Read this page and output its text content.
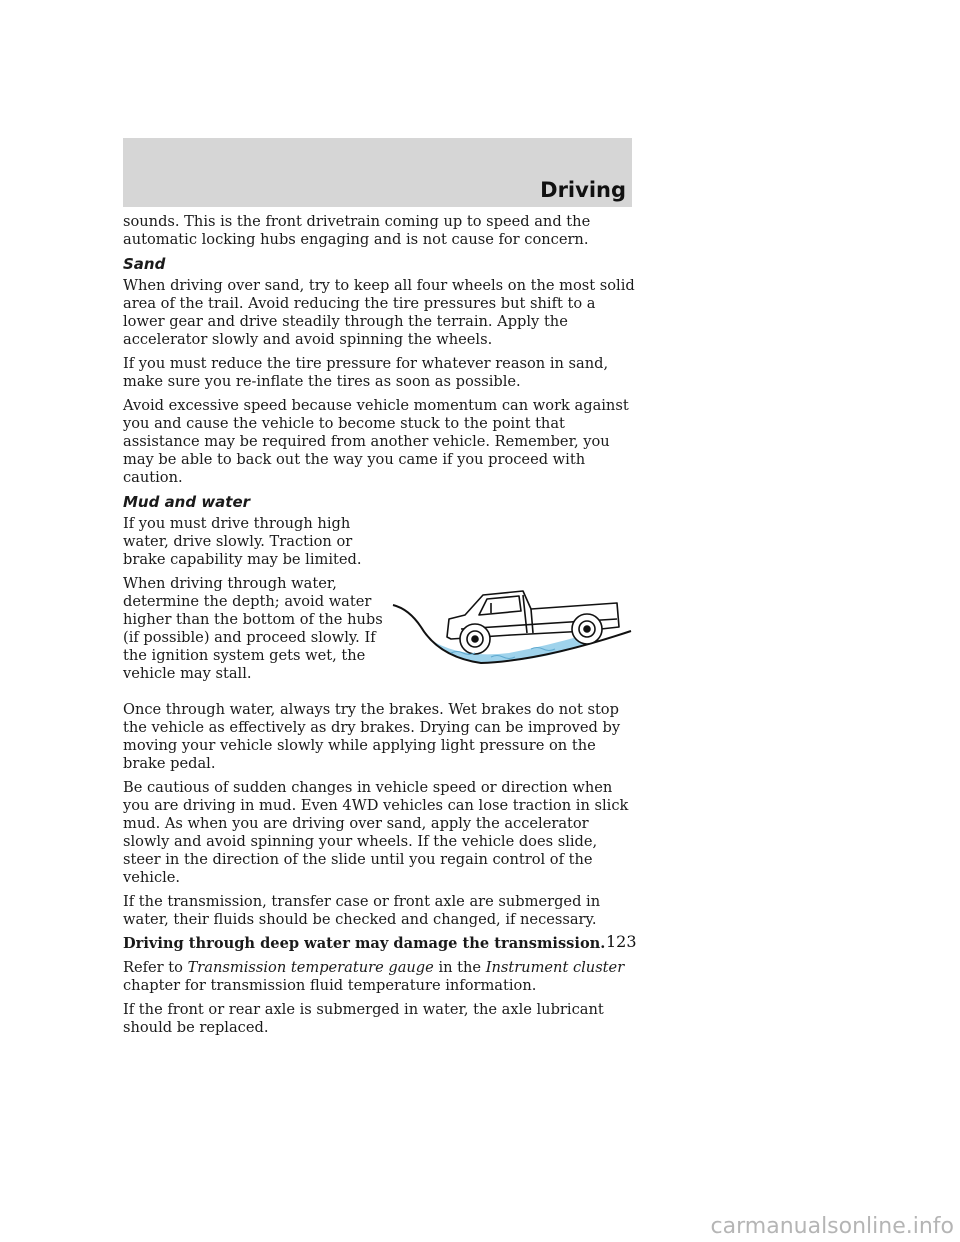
Driving

sounds. This is the front drivetrain coming up to speed and the automatic locking hubs engaging and is not cause for concern.

Sand

When driving over sand, try to keep all four wheels on the most solid area of the trail. Avoid reducing the tire pressures but shift to a lower gear and drive steadily through the terrain. Apply the accelerator slowly and avoid spinning the wheels.

If you must reduce the tire pressure for whatever reason in sand, make sure you re-inflate the tires as soon as possible.

Avoid excessive speed because vehicle momentum can work against you and cause the vehicle to become stuck to the point that assistance may be required from another vehicle. Remember, you may be able to back out the way you came if you proceed with caution.

Mud and water

If you must drive through high water, drive slowly. Traction or brake capability may be limited.

When driving through water, determine the depth; avoid water higher than the bottom of the hubs (if possible) and proceed slowly. If the ignition system gets wet, the vehicle may stall.

Once through water, always try the brakes. Wet brakes do not stop the vehicle as effectively as dry brakes. Drying can be improved by moving your vehicle slowly while applying light pressure on the brake pedal.

Be cautious of sudden changes in vehicle speed or direction when you are driving in mud. Even 4WD vehicles can lose traction in slick mud. As when you are driving over sand, apply the accelerator slowly and avoid spinning your wheels. If the vehicle does slide, steer in the direction of the slide until you regain control of the vehicle.

If the transmission, transfer case or front axle are submerged in water, their fluids should be checked and changed, if necessary.

Driving through deep water may damage the transmission.

Refer to Transmission temperature gauge in the Instrument cluster chapter for transmission fluid temperature information.

If the front or rear axle is submerged in water, the axle lubricant should be replaced.

123
carmanualsonline.info
